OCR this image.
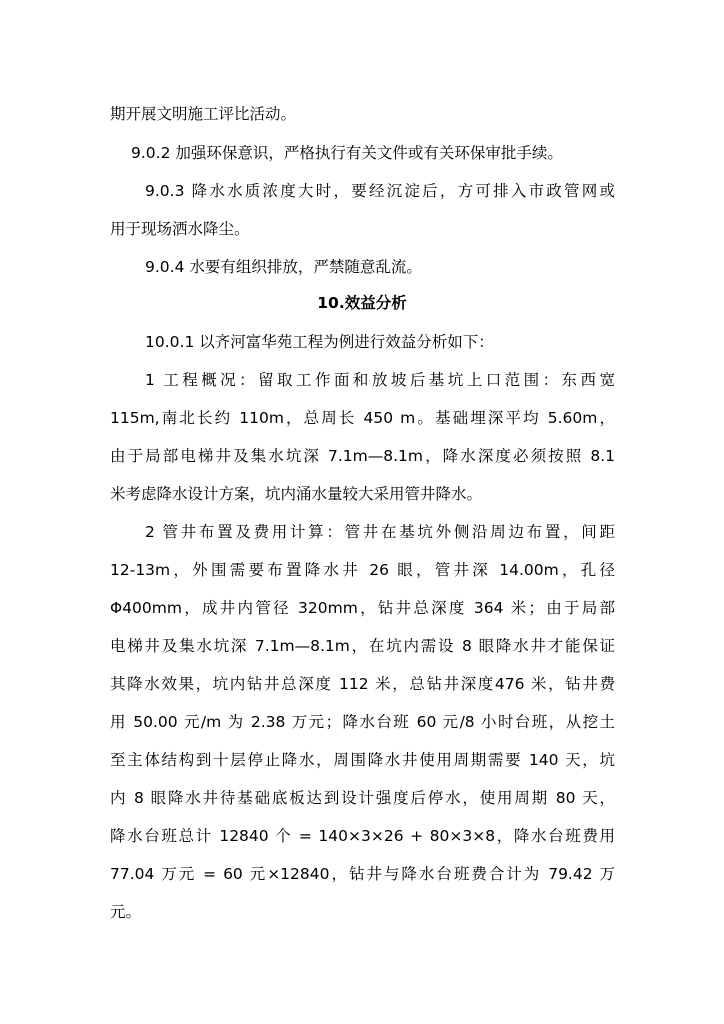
期开展文明施工评比活动。
9.0.2 加强环保意识，严格执行有关文件或有关环保审批手续。
9.0.3 降水水质浓度大时，要经沉淀后，方可排入市政管网或
用于现场洒水降尘。
9.0.4 水要有组织排放，严禁随意乱流。
10.效益分析
10.0.1 以齐河富华苑工程为例进行效益分析如下：
1 工程概况：留取工作面和放坡后基坑上口范围：东西宽
115m,南北长约 110m，总周长 450 m。基础埋深平均 5.60m，
由于局部电梯井及集水坑深 7.1m—8.1m，降水深度必须按照 8.1
米考虑降水设计方案，坑内涌水量较大采用管井降水。
2 管井布置及费用计算：管井在基坑外侧沿周边布置，间距
12-13m，外围需要布置降水井 26 眼，管井深 14.00m，孔径
Φ400mm，成井内管径 320mm，钻井总深度 364 米；由于局部
电梯井及集水坑深 7.1m—8.1m，在坑内需设 8 眼降水井才能保证
其降水效果，坑内钻井总深度 112 米，总钻井深度476 米，钻井费
用 50.00 元/m 为 2.38 万元；降水台班 60 元/8 小时台班，从挖土
至主体结构到十层停止降水，周围降水井使用周期需要 140 天，坑
内 8 眼降水井待基础底板达到设计强度后停水，使用周期 80 天，
降水台班总计 12840 个 = 140×3×26 + 80×3×8，降水台班费用
77.04 万元 = 60 元×12840，钻井与降水台班费合计为 79.42 万
元。
